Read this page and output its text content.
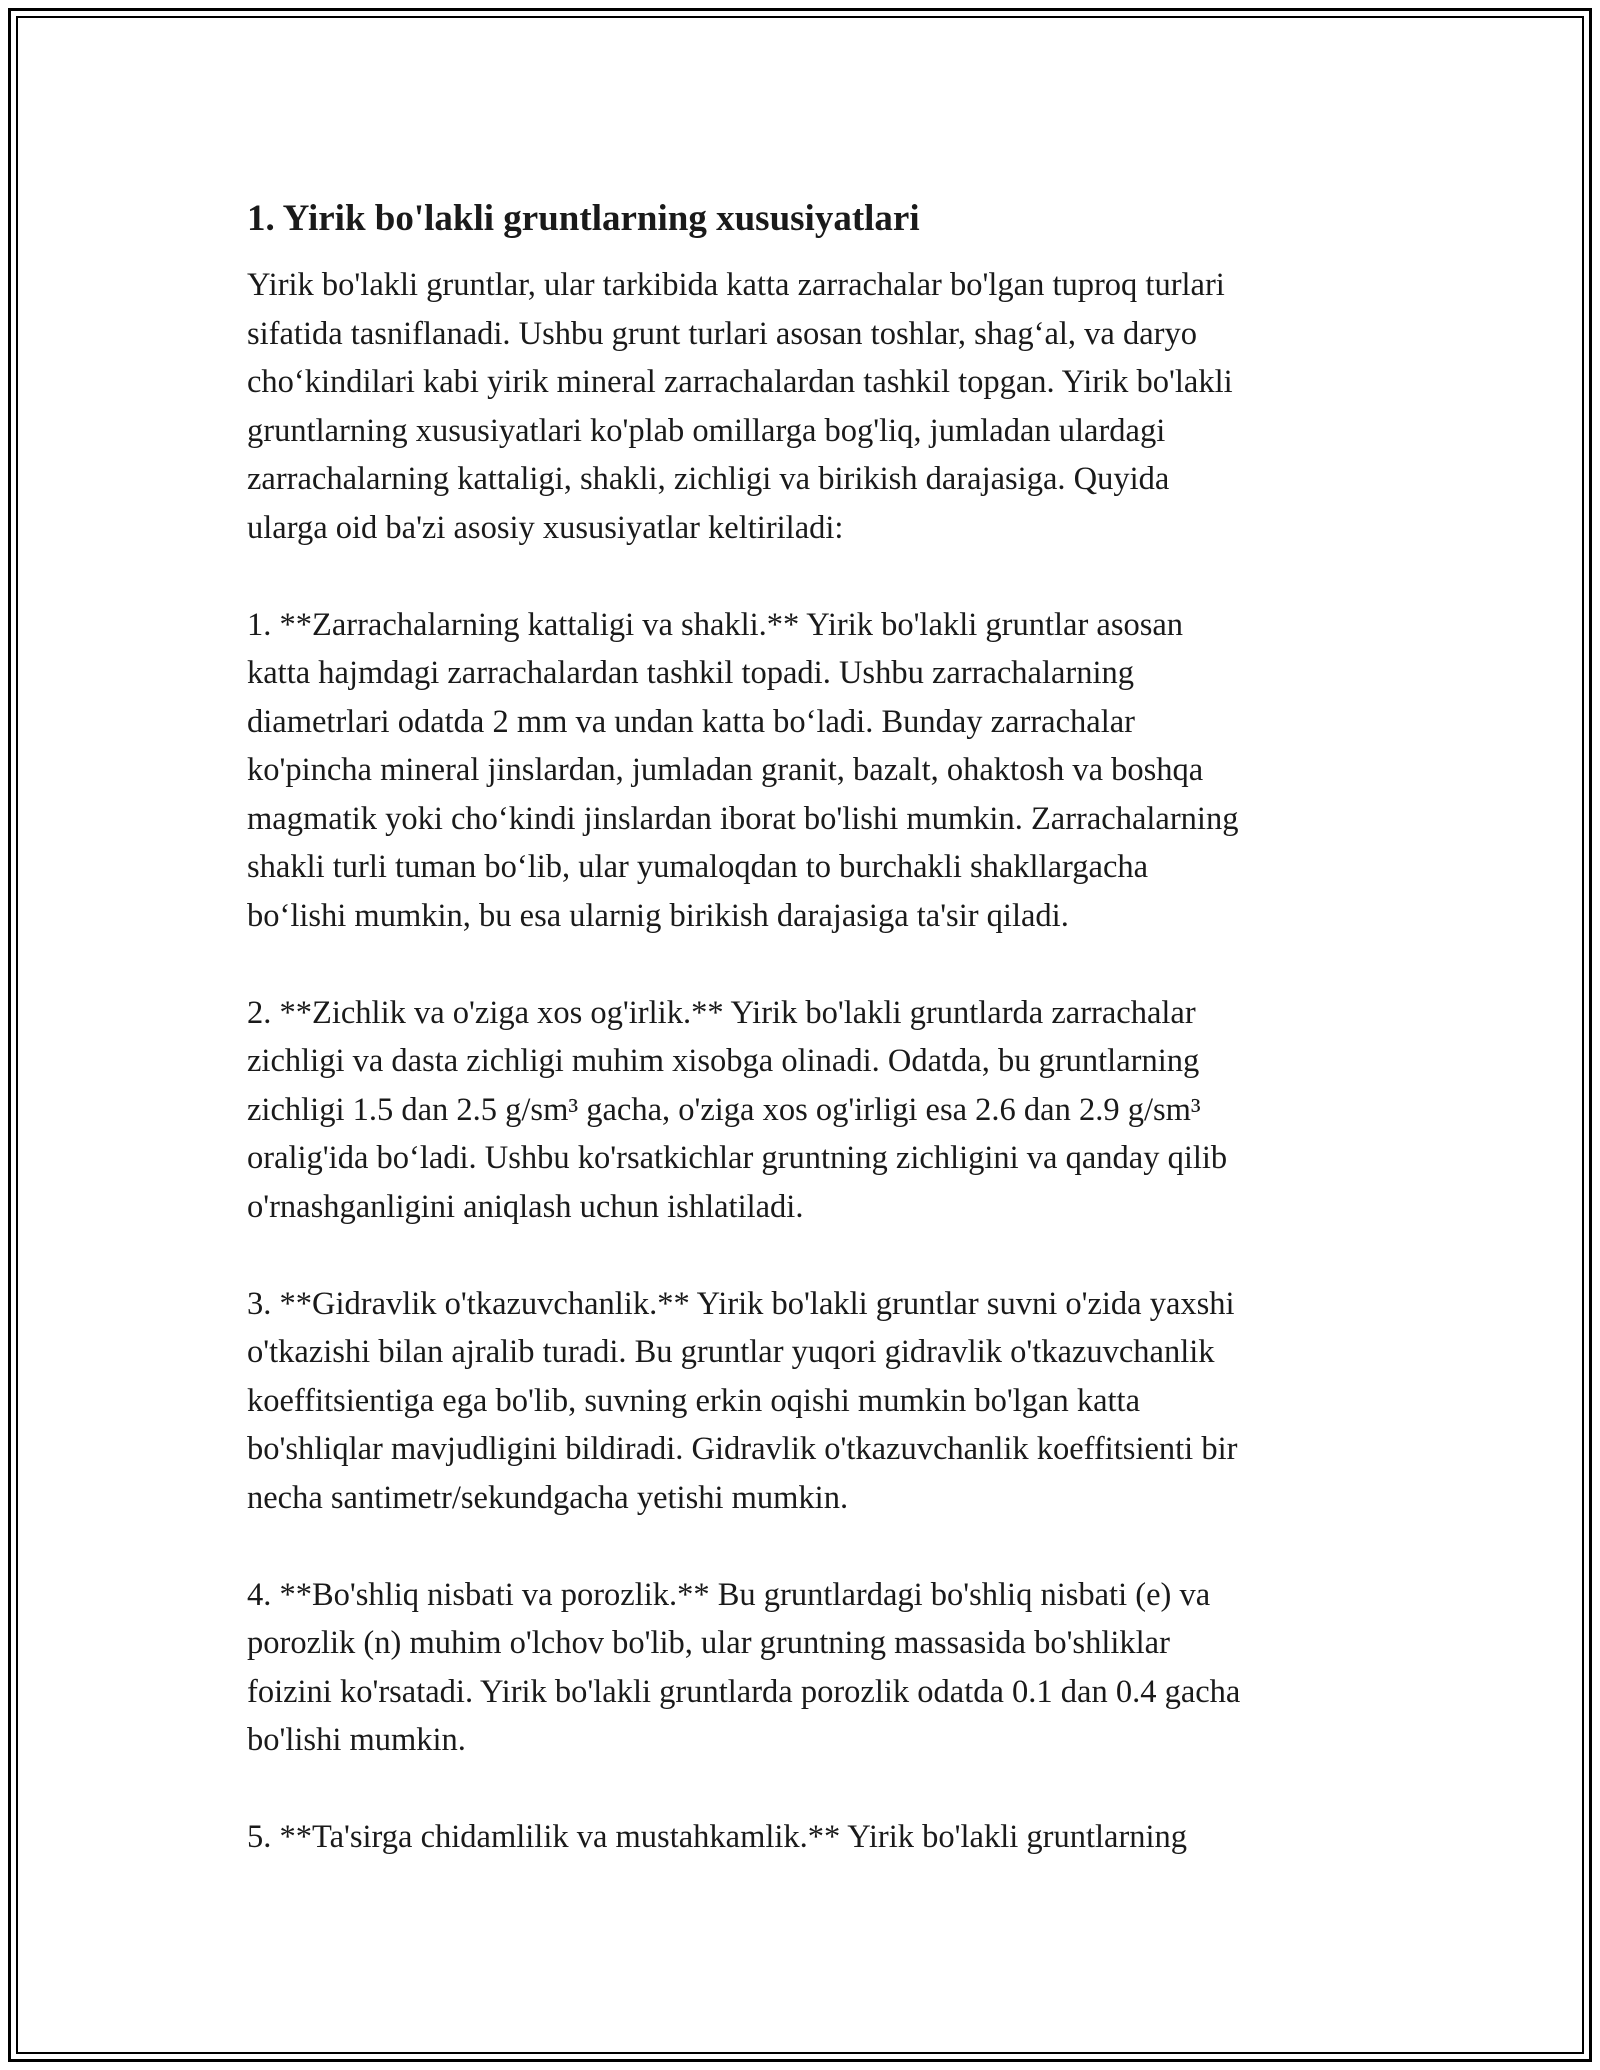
1. Yirik bo'lakli gruntlarning xususiyatlari

Yirik bo'lakli gruntlar, ular tarkibida katta zarrachalar bo'lgan tuproq turlari
sifatida tasniflanadi. Ushbu grunt turlari asosan toshlar, shag‘al, va daryo
cho‘kindilari kabi yirik mineral zarrachalardan tashkil topgan. Yirik bo'lakli
gruntlarning xususiyatlari ko'plab omillarga bog'liq, jumladan ulardagi
zarrachalarning kattaligi, shakli, zichligi va birikish darajasiga. Quyida
ularga oid ba'zi asosiy xususiyatlar keltiriladi:

1. **Zarrachalarning kattaligi va shakli.** Yirik bo'lakli gruntlar asosan
katta hajmdagi zarrachalardan tashkil topadi. Ushbu zarrachalarning
diametrlari odatda 2 mm va undan katta bo‘ladi. Bunday zarrachalar
ko'pincha mineral jinslardan, jumladan granit, bazalt, ohaktosh va boshqa
magmatik yoki cho‘kindi jinslardan iborat bo'lishi mumkin. Zarrachalarning
shakli turli tuman bo‘lib, ular yumaloqdan to burchakli shakllargacha
bo‘lishi mumkin, bu esa ularnig birikish darajasiga ta'sir qiladi.

2. **Zichlik va o'ziga xos og'irlik.** Yirik bo'lakli gruntlarda zarrachalar
zichligi va dasta zichligi muhim xisobga olinadi. Odatda, bu gruntlarning
zichligi 1.5 dan 2.5 g/sm³ gacha, o'ziga xos og'irligi esa 2.6 dan 2.9 g/sm³
oralig'ida bo‘ladi. Ushbu ko'rsatkichlar gruntning zichligini va qanday qilib
o'rnashganligini aniqlash uchun ishlatiladi.

3. **Gidravlik o'tkazuvchanlik.** Yirik bo'lakli gruntlar suvni o'zida yaxshi
o'tkazishi bilan ajralib turadi. Bu gruntlar yuqori gidravlik o'tkazuvchanlik
koeffitsientiga ega bo'lib, suvning erkin oqishi mumkin bo'lgan katta
bo'shliqlar mavjudligini bildiradi. Gidravlik o'tkazuvchanlik koeffitsienti bir
necha santimetr/sekundgacha yetishi mumkin.

4. **Bo'shliq nisbati va porozlik.** Bu gruntlardagi bo'shliq nisbati (e) va
porozlik (n) muhim o'lchov bo'lib, ular gruntning massasida bo'shliklar
foizini ko'rsatadi. Yirik bo'lakli gruntlarda porozlik odatda 0.1 dan 0.4 gacha
bo'lishi mumkin.

5. **Ta'sirga chidamlilik va mustahkamlik.** Yirik bo'lakli gruntlarning
